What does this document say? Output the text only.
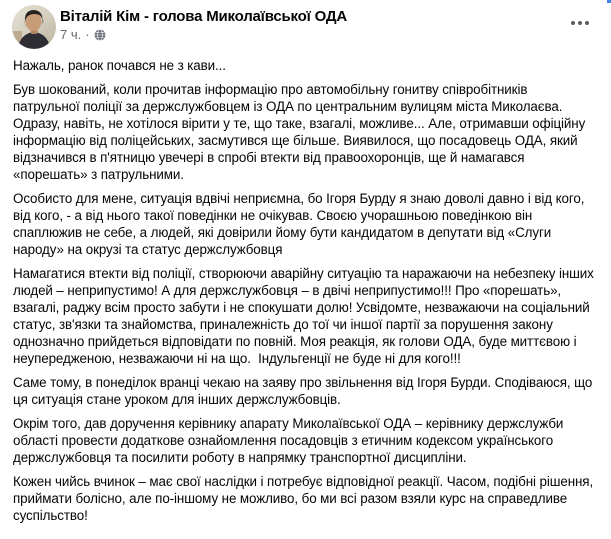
Віталій Кім - голова Миколаївської ОДА
7 ч. ·

Нажаль, ранок почався не з кави...

Був шокований, коли прочитав інформацію про автомобільну гонитву співробітників патрульної поліції за держслужбовцем із ОДА по центральним вулицям міста Миколаєва. Одразу, навіть, не хотілося вірити у те, що таке, взагалі, можливе... Але, отримавши офіційну інформацію від поліцейських, засмутився ще більше. Виявилося, що посадовець ОДА, який відзначився в п'ятницю увечері в спробі втекти від правоохоронців, ще й намагався «порешать» з патрульними.

Особисто для мене, ситуація вдвічі неприємна, бо Ігоря Бурду я знаю доволі давно і від кого, від кого, - а від нього такої поведінки не очікував. Своєю учорашньою поведінкою він спаплюжив не себе, а людей, які довірили йому бути кандидатом в депутати від «Слуги народу» на окрузі та статус держслужбовця

Намагатися втекти від поліції, створюючи аварійну ситуацію та наражаючи на небезпеку інших людей – неприпустимо! А для держслужбовця – в двічі неприпустимо!!! Про «порешать», взагалі, раджу всім просто забути і не спокушати долю! Усвідомте, незважаючи на соціальний статус, зв'язки та знайомства, приналежність до тої чи іншої партії за порушення закону однозначно прийдеться відповідати по повній. Моя реакція, як голови ОДА, буде миттєвою і неупередженою, незважаючи ні на що.  Індульгенції не буде ні для кого!!!

Саме тому, в понеділок вранці чекаю на заяву про звільнення від Ігоря Бурди. Сподіваюся, що ця ситуація стане уроком для інших держслужбовців.

Окрім того, дав доручення керівнику апарату Миколаївської ОДА – керівнику держслужби області провести додаткове ознайомлення посадовців з етичним кодексом українського держслужбовця та посилити роботу в напрямку транспортної дисципліни.

Кожен чийсь вчинок – має свої наслідки і потребує відповідної реакції. Часом, подібні рішення, приймати болісно, але по-іншому не можливо, бо ми всі разом взяли курс на справедливе суспільство!
